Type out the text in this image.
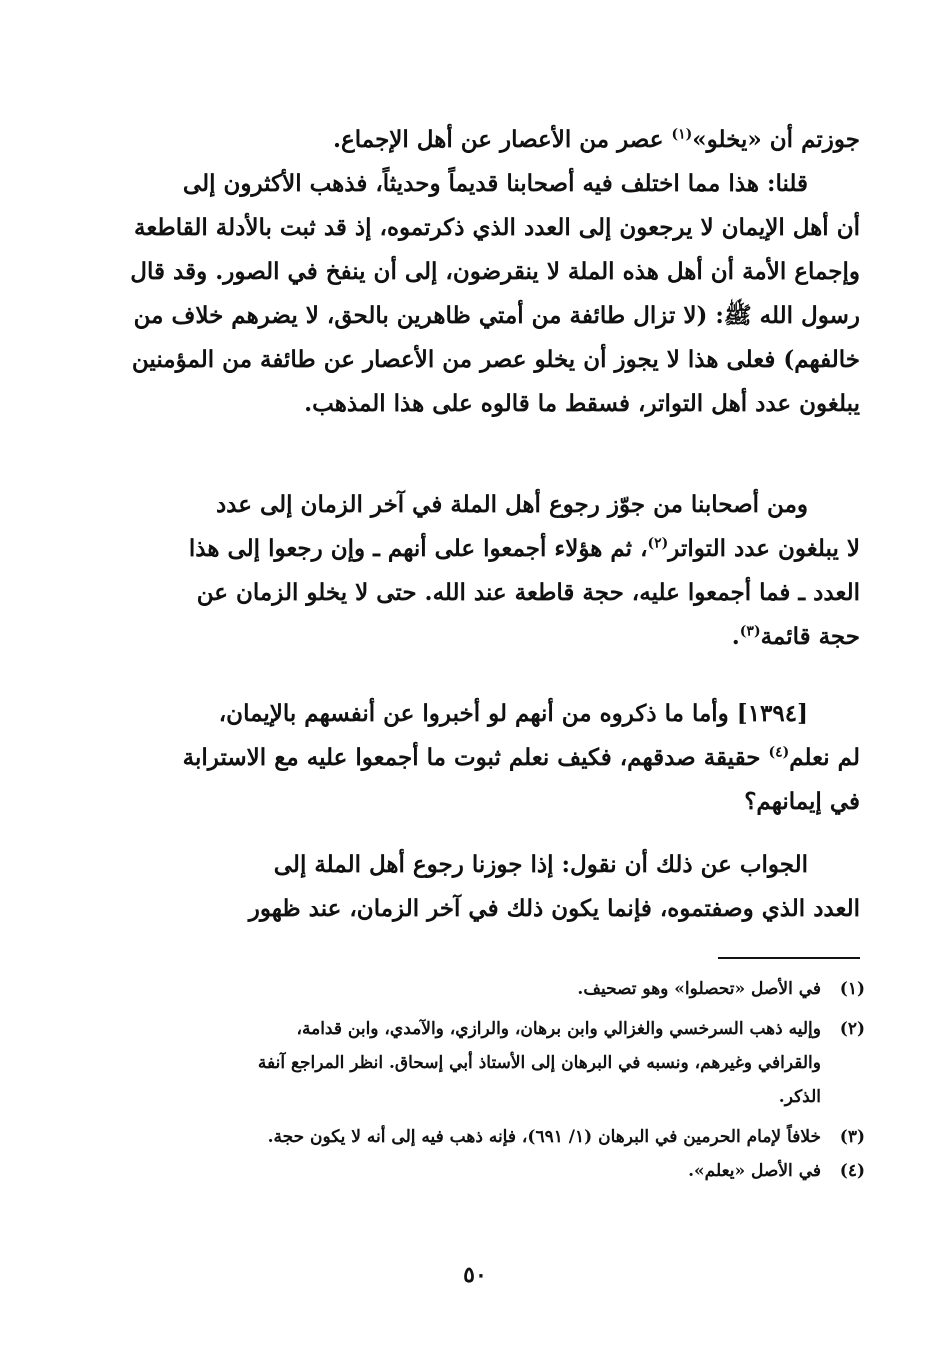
جوزتم أن «يخلو»$^{(١)}$ عصر من الأعصار عن أهل الإجماع.
قلنا: هذا مما اختلف فيه أصحابنا قديماً وحديثاً، فذهب الأكثرون إلى
أن أهل الإيمان لا يرجعون إلى العدد الذي ذكرتموه، إذ قد ثبت بالأدلة القاطعة
وإجماع الأمة أن أهل هذه الملة لا ينقرضون، إلى أن ينفخ في الصور. وقد قال
رسول الله ﷺ: (لا تزال طائفة من أمتي ظاهرين بالحق، لا يضرهم خلاف من
خالفهم) فعلى هذا لا يجوز أن يخلو عصر من الأعصار عن طائفة من المؤمنين
يبلغون عدد أهل التواتر، فسقط ما قالوه على هذا المذهب.
ومن أصحابنا من جوّز رجوع أهل الملة في آخر الزمان إلى عدد
لا يبلغون عدد التواتر$^{(٢)}$، ثم هؤلاء أجمعوا على أنهم ـ وإن رجعوا إلى هذا
العدد ـ فما أجمعوا عليه، حجة قاطعة عند الله. حتى لا يخلو الزمان عن
حجة قائمة$^{(٣)}$.
[١٣٩٤] وأما ما ذكروه من أنهم لو أخبروا عن أنفسهم بالإيمان،
لم نعلم$^{(٤)}$ حقيقة صدقهم، فكيف نعلم ثبوت ما أجمعوا عليه مع الاسترابة
في إيمانهم؟
الجواب عن ذلك أن نقول: إذا جوزنا رجوع أهل الملة إلى
العدد الذي وصفتموه، فإنما يكون ذلك في آخر الزمان، عند ظهور
(١)
في الأصل «تحصلوا» وهو تصحيف.
(٢)
وإليه ذهب السرخسي والغزالي وابن برهان، والرازي، والآمدي، وابن قدامة،
والقرافي وغيرهم، ونسبه في البرهان إلى الأستاذ أبي إسحاق. انظر المراجع آنفة
الذكر.
(٣)
خلافاً لإمام الحرمين في البرهان (١/ ٦٩١)، فإنه ذهب فيه إلى أنه لا يكون حجة.
(٤)
في الأصل «يعلم».
٥٠
